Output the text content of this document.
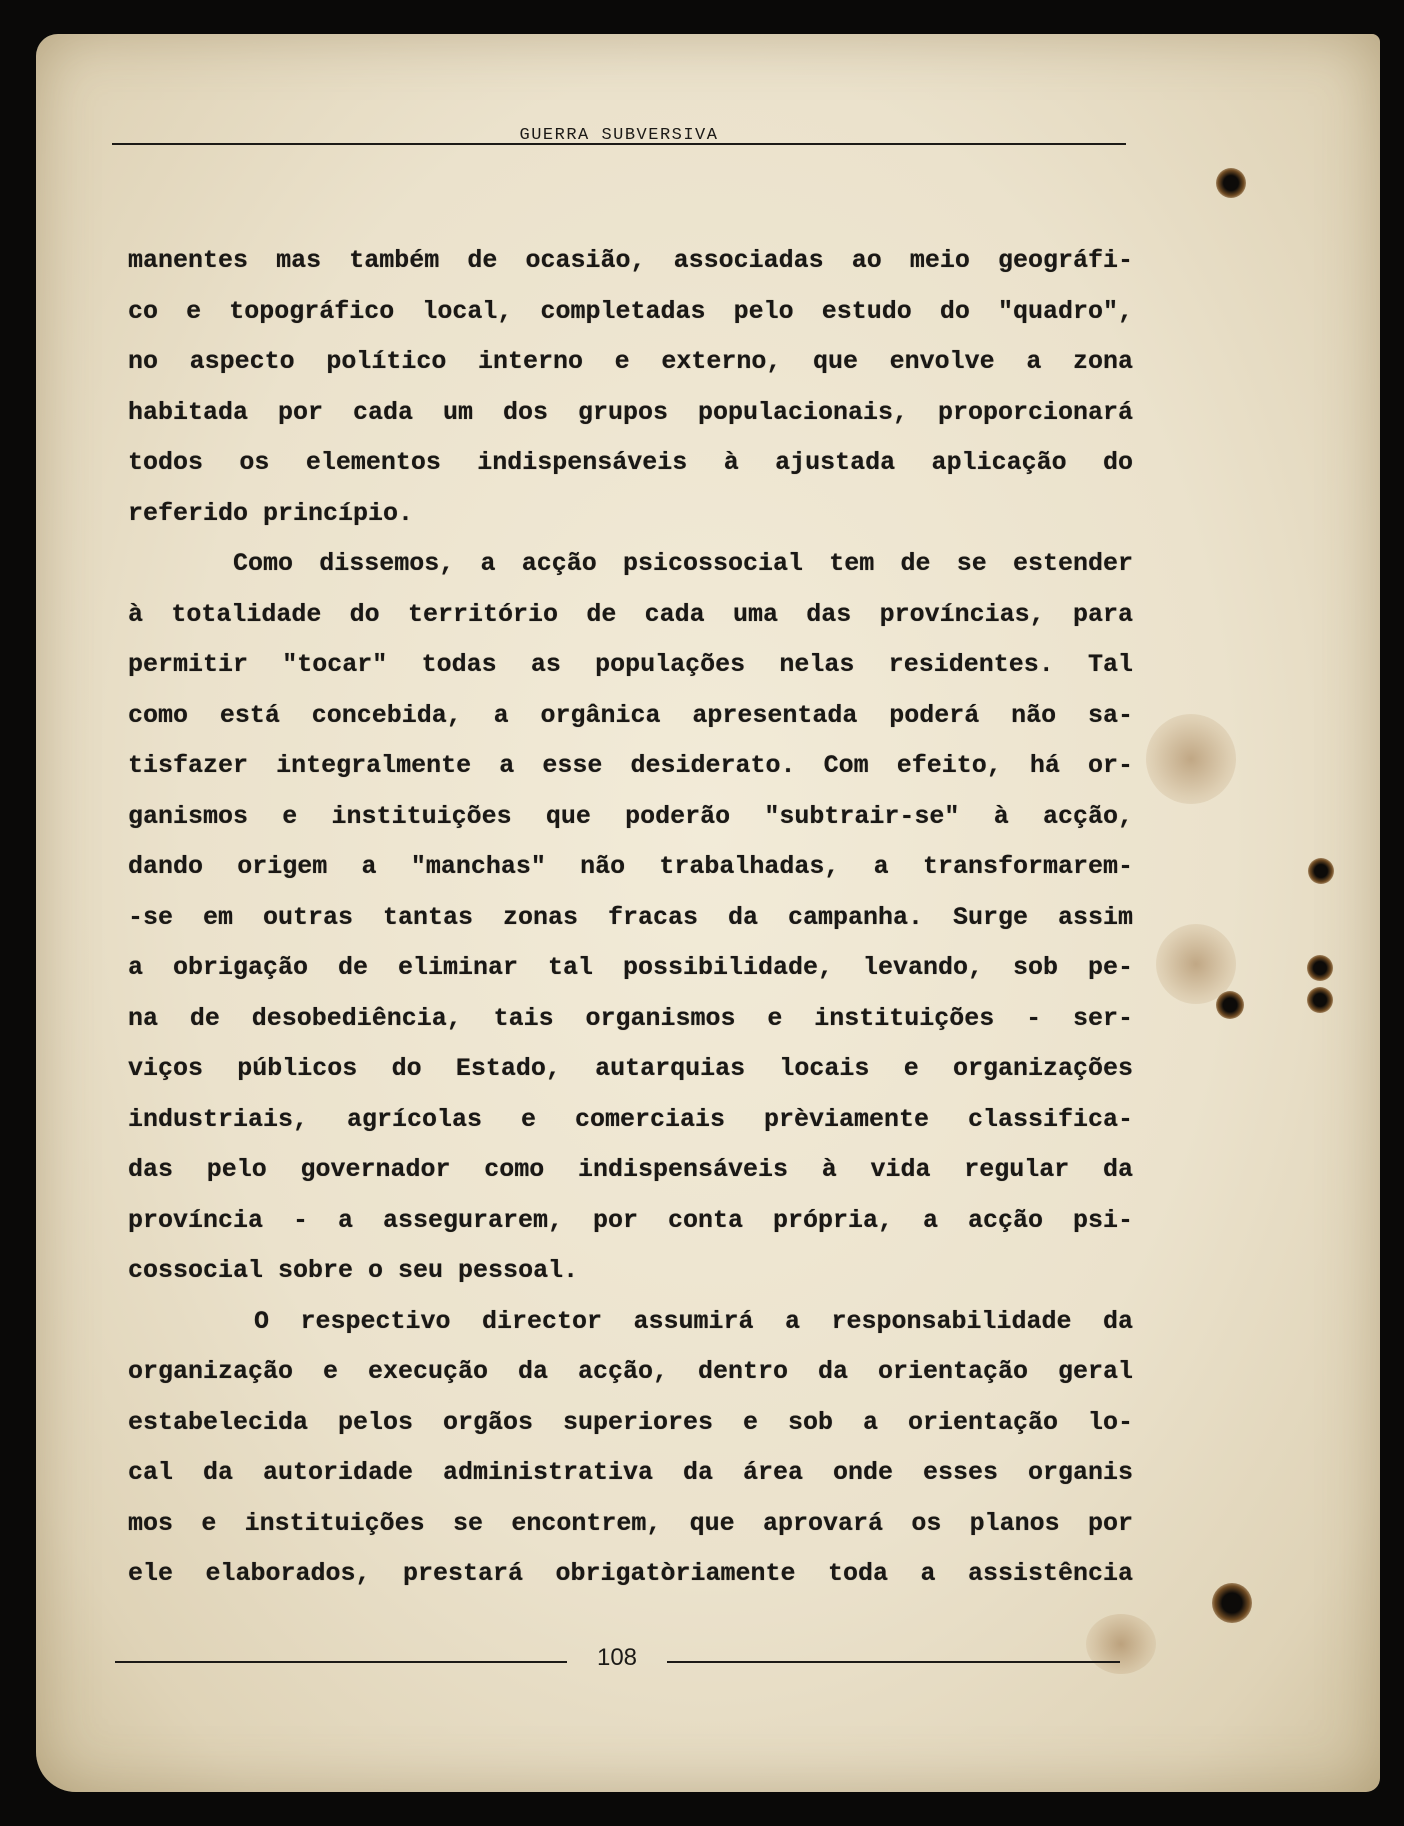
GUERRA SUBVERSIVA
manentes mas também de ocasião, associadas ao meio geográfi-
co e topográfico local, completadas pelo estudo do "quadro",
no aspecto político interno e externo, que envolve a zona
habitada por cada um dos grupos populacionais, proporcionará
todos os elementos indispensáveis à ajustada aplicação do
referido princípio.
Como dissemos, a acção psicossocial tem de se estender
à totalidade do território de cada uma das províncias, para
permitir "tocar" todas as populações nelas residentes. Tal
como está concebida, a orgânica apresentada poderá não sa-
tisfazer integralmente a esse desiderato. Com efeito, há or-
ganismos e instituições que poderão "subtrair-se" à acção,
dando origem a "manchas" não trabalhadas, a transformarem-
-se em outras tantas zonas fracas da campanha. Surge assim
a obrigação de eliminar tal possibilidade, levando, sob pe-
na de desobediência, tais organismos e instituições - ser-
viços públicos do Estado, autarquias locais e organizações
industriais, agrícolas e comerciais prèviamente classifica-
das pelo governador como indispensáveis à vida regular da
província - a assegurarem, por conta própria, a acção psi-
cossocial sobre o seu pessoal.
O respectivo director assumirá a responsabilidade da
organização e execução da acção, dentro da orientação geral
estabelecida pelos orgãos superiores e sob a orientação lo-
cal da autoridade administrativa da área onde esses organis
mos e instituições se encontrem, que aprovará os planos por
ele elaborados, prestará obrigatòriamente toda a assistência
108
